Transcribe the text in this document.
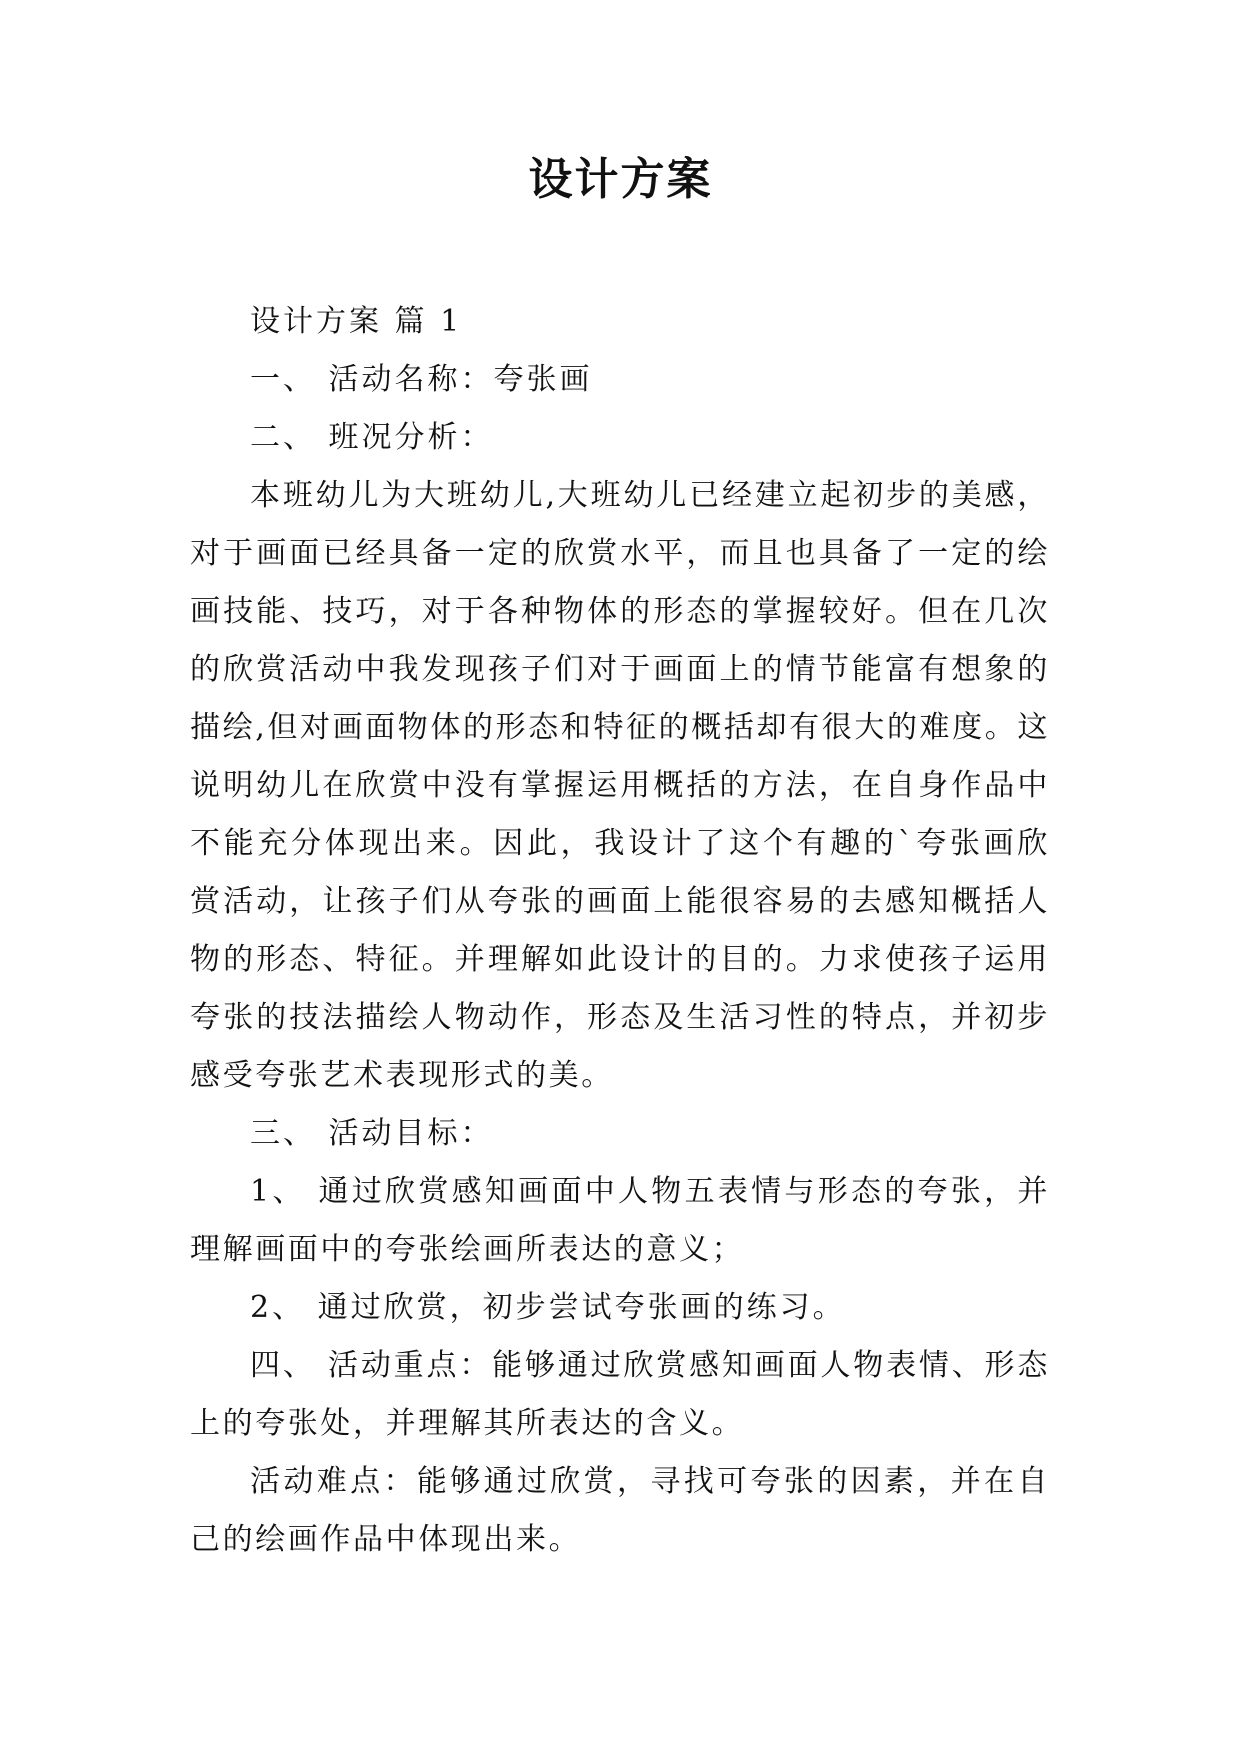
设计方案

设计方案 篇 1

一、 活动名称：夸张画

二、 班况分析：

本班幼儿为大班幼儿,大班幼儿已经建立起初步的美感，对于画面已经具备一定的欣赏水平，而且也具备了一定的绘画技能、技巧，对于各种物体的形态的掌握较好。但在几次的欣赏活动中我发现孩子们对于画面上的情节能富有想象的描绘,但对画面物体的形态和特征的概括却有很大的难度。这说明幼儿在欣赏中没有掌握运用概括的方法，在自身作品中不能充分体现出来。因此，我设计了这个有趣的`夸张画欣赏活动，让孩子们从夸张的画面上能很容易的去感知概括人物的形态、特征。并理解如此设计的目的。力求使孩子运用夸张的技法描绘人物动作，形态及生活习性的特点，并初步感受夸张艺术表现形式的美。

三、 活动目标：

1、 通过欣赏感知画面中人物五表情与形态的夸张，并理解画面中的夸张绘画所表达的意义；

2、 通过欣赏，初步尝试夸张画的练习。

四、 活动重点：能够通过欣赏感知画面人物表情、形态上的夸张处，并理解其所表达的含义。

活动难点：能够通过欣赏，寻找可夸张的因素，并在自己的绘画作品中体现出来。
